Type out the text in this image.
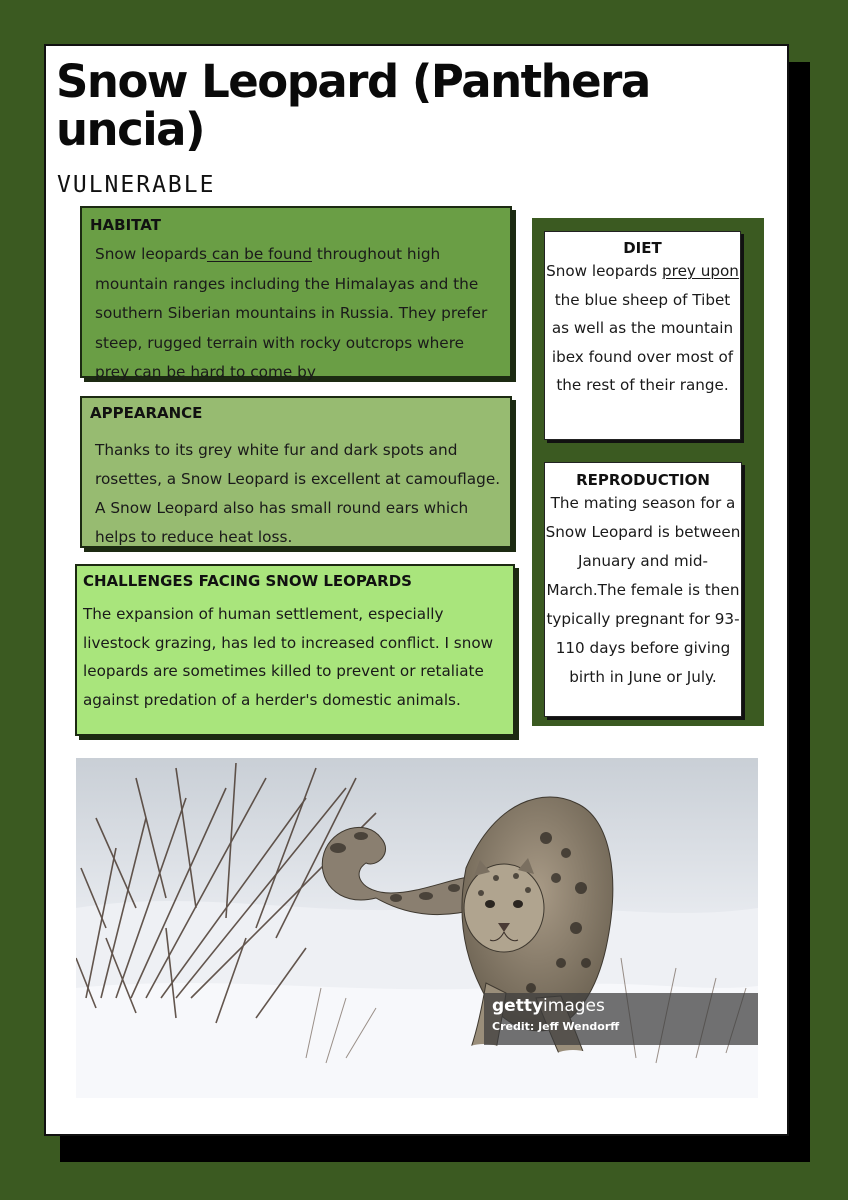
Snow Leopard (Panthera uncia)
VULNERABLE
HABITAT

Snow leopards can be found throughout high mountain ranges including the Himalayas and the southern Siberian mountains in Russia. They prefer steep, rugged terrain with rocky outcrops where prey can be hard to come by

APPEARANCE

Thanks to its grey white fur and dark spots and rosettes, a Snow Leopard is excellent at camouflage. A Snow Leopard also has small round ears which helps to reduce heat loss.

CHALLENGES FACING SNOW LEOPARDS

The expansion of human settlement, especially livestock grazing, has led to increased conflict. I snow leopards are sometimes killed to prevent or retaliate against predation of a herder's domestic animals.

DIET

Snow leopards prey upon the blue sheep of Tibet as well as the mountain ibex found over most of the rest of their range.

REPRODUCTION

The mating season for a Snow Leopard is between January and mid-March.The female is then typically pregnant for 93-110 days before giving birth in June or July.

gettyimages
Credit: Jeff Wendorff
